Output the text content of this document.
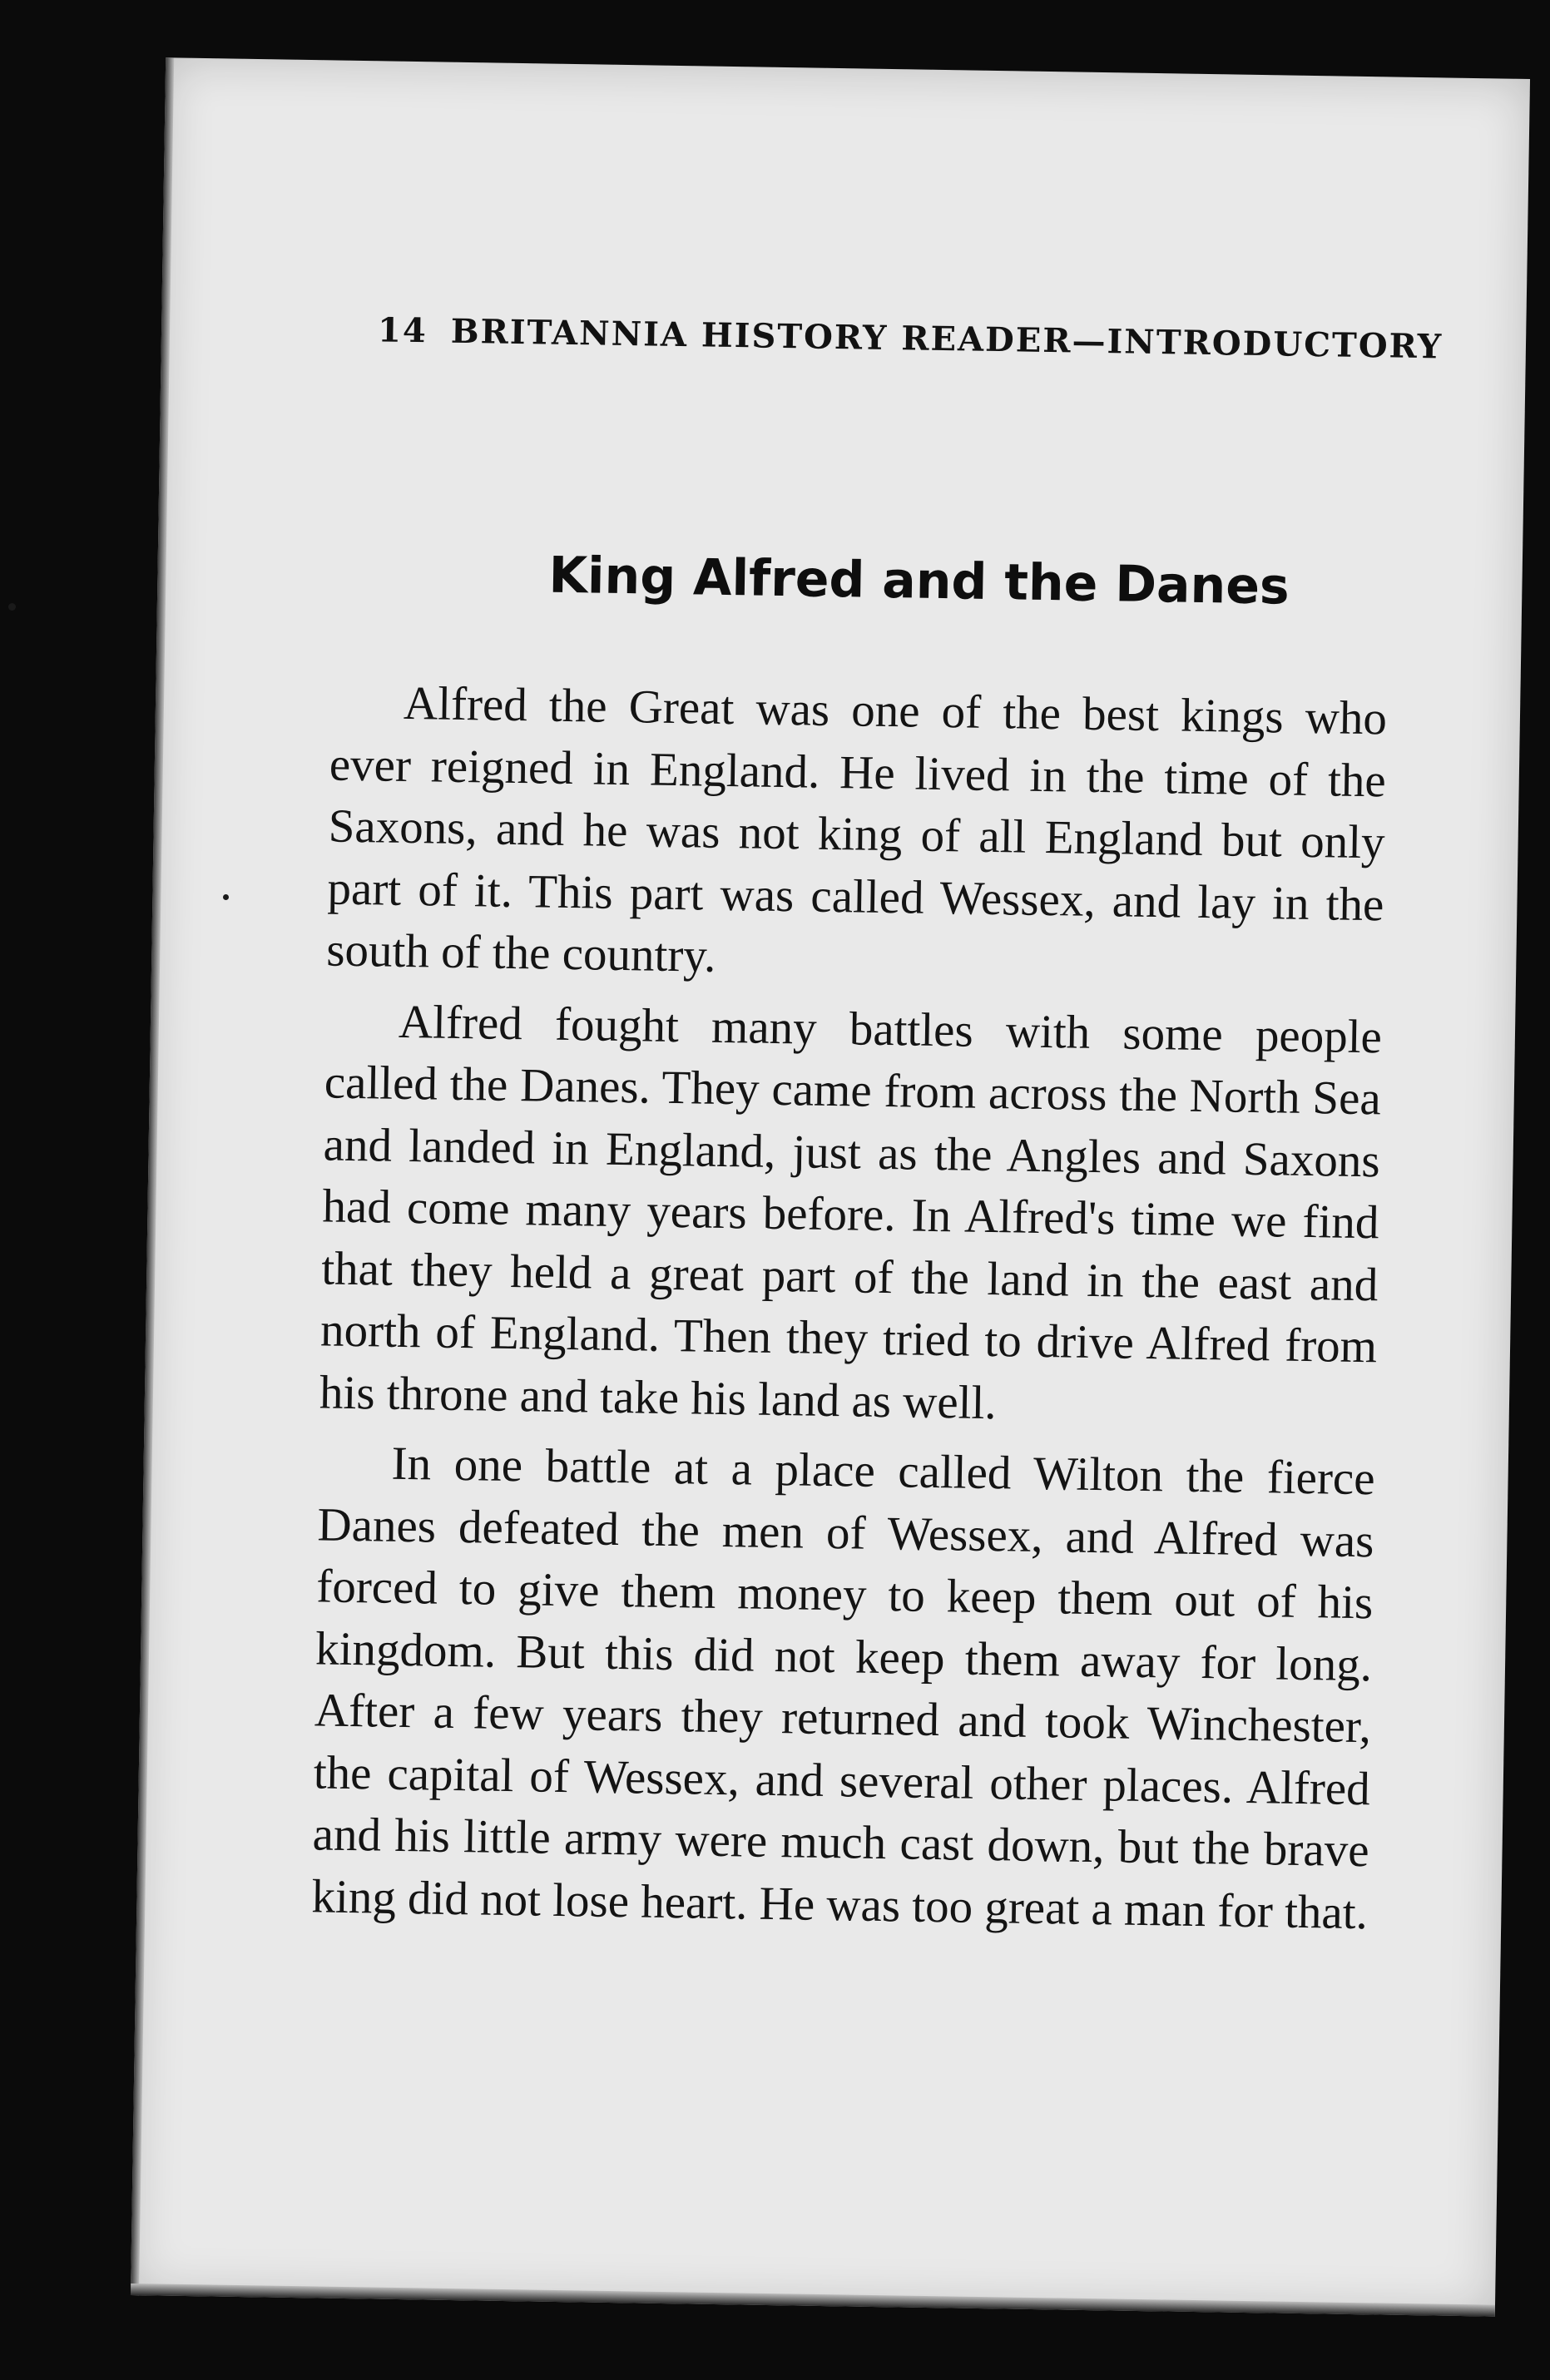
14 BRITANNIA HISTORY READER—INTRODUCTORY
King Alfred and the Danes

Alfred the Great was one of the best kings who ever reigned in England. He lived in the time of the Saxons, and he was not king of all England but only part of it. This part was called Wessex, and lay in the south of the country.

Alfred fought many battles with some people called the Danes. They came from across the North Sea and landed in England, just as the Angles and Saxons had come many years before. In Alfred's time we find that they held a great part of the land in the east and north of England. Then they tried to drive Alfred from his throne and take his land as well.

In one battle at a place called Wilton the fierce Danes defeated the men of Wessex, and Alfred was forced to give them money to keep them out of his kingdom. But this did not keep them away for long. After a few years they returned and took Winchester, the capital of Wessex, and several other places. Alfred and his little army were much cast down, but the brave king did not lose heart. He was too great a man for that.
